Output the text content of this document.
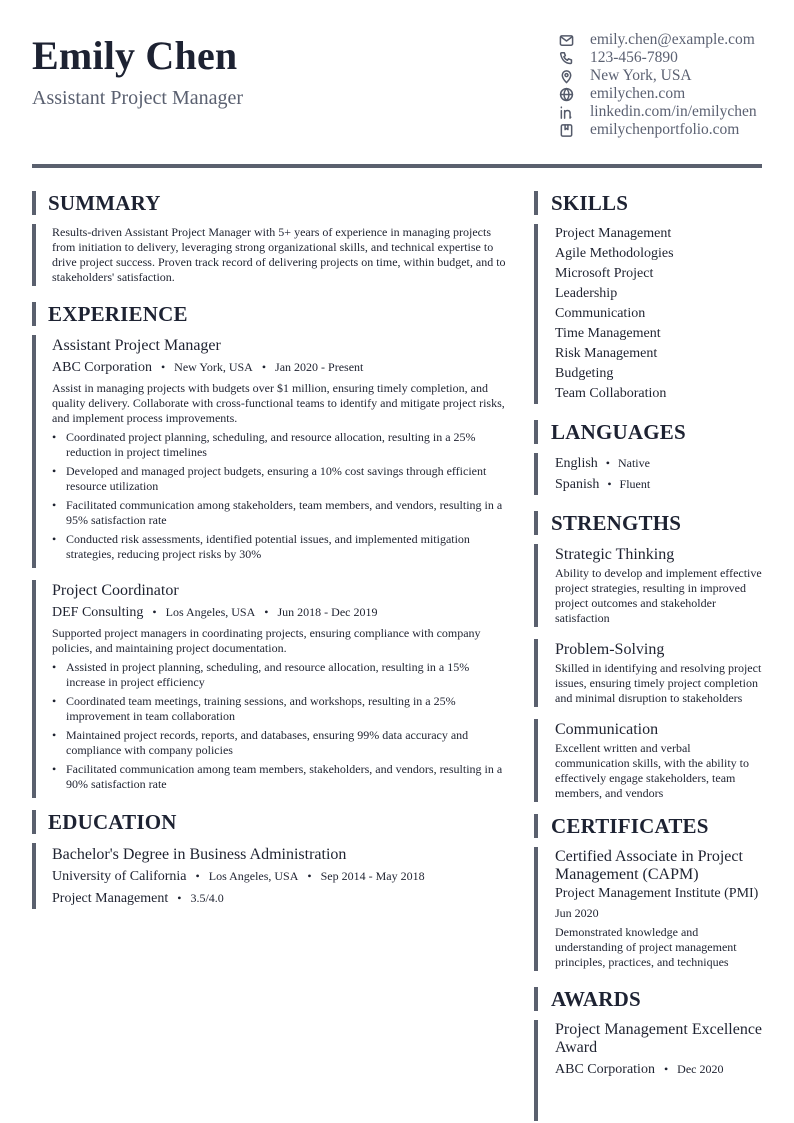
Emily Chen
Assistant Project Manager
emily.chen@example.com
123-456-7890
New York, USA
emilychen.com
linkedin.com/in/emilychen
emilychenportfolio.com
SUMMARY

Results-driven Assistant Project Manager with 5+ years of experience in managing projects from initiation to delivery, leveraging strong organizational skills, and technical expertise to drive project success. Proven track record of delivering projects on time, within budget, and to stakeholders' satisfaction.

EXPERIENCE
Assistant Project Manager
ABC Corporation • New York, USA • Jan 2020 - Present

Assist in managing projects with budgets over $1 million, ensuring timely completion, and quality delivery. Collaborate with cross-functional teams to identify and mitigate project risks, and implement process improvements.

• Coordinated project planning, scheduling, and resource allocation, resulting in a 25% reduction in project timelines
• Developed and managed project budgets, ensuring a 10% cost savings through efficient resource utilization
• Facilitated communication among stakeholders, team members, and vendors, resulting in a 95% satisfaction rate
• Conducted risk assessments, identified potential issues, and implemented mitigation strategies, reducing project risks by 30%
Project Coordinator
DEF Consulting • Los Angeles, USA • Jun 2018 - Dec 2019

Supported project managers in coordinating projects, ensuring compliance with company policies, and maintaining project documentation.

• Assisted in project planning, scheduling, and resource allocation, resulting in a 15% increase in project efficiency
• Coordinated team meetings, training sessions, and workshops, resulting in a 25% improvement in team collaboration
• Maintained project records, reports, and databases, ensuring 99% data accuracy and compliance with company policies
• Facilitated communication among team members, stakeholders, and vendors, resulting in a 90% satisfaction rate
EDUCATION
Bachelor's Degree in Business Administration
University of California • Los Angeles, USA • Sep 2014 - May 2018
Project Management • 3.5/4.0
SKILLS
Project Management
Agile Methodologies
Microsoft Project
Leadership
Communication
Time Management
Risk Management
Budgeting
Team Collaboration
LANGUAGES
English • Native
Spanish • Fluent
STRENGTHS
Strategic Thinking

Ability to develop and implement effective project strategies, resulting in improved project outcomes and stakeholder satisfaction

Problem-Solving

Skilled in identifying and resolving project issues, ensuring timely project completion and minimal disruption to stakeholders

Communication

Excellent written and verbal communication skills, with the ability to effectively engage stakeholders, team members, and vendors

CERTIFICATES
Certified Associate in Project Management (CAPM)
Project Management Institute (PMI)
Jun 2020

Demonstrated knowledge and understanding of project management principles, practices, and techniques

AWARDS
Project Management Excellence Award
ABC Corporation • Dec 2020
